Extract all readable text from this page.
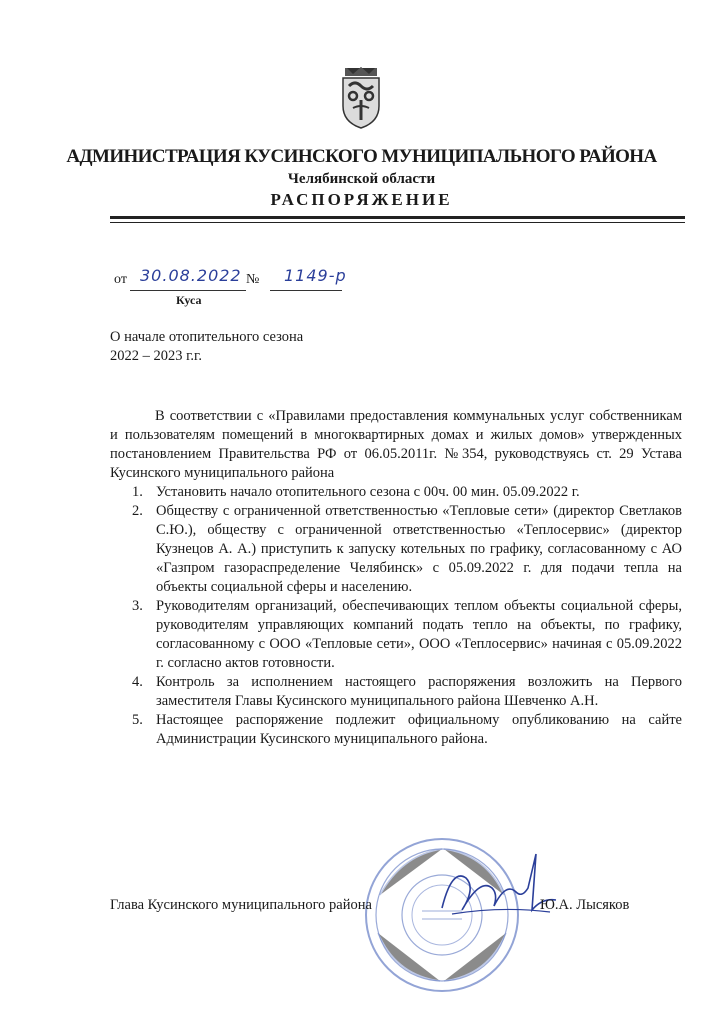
АДМИНИСТРАЦИЯ КУСИНСКОГО МУНИЦИПАЛЬНОГО РАЙОНА
Челябинской области
РАСПОРЯЖЕНИЕ
от 30.08.2022 № 1149-р
Куса
О начале отопительного сезона
2022 – 2023 г.г.

В соответствии с «Правилами предоставления коммунальных услуг собственникам и пользователям помещений в многоквартирных домах и жилых домов» утвержденных постановлением Правительства РФ от 06.05.2011г. №354, руководствуясь ст. 29 Устава Кусинского муниципального района

Установить начало отопительного сезона с 00ч. 00 мин. 05.09.2022 г.
Обществу с ограниченной ответственностью «Тепловые сети» (директор Светлаков С.Ю.), обществу с ограниченной ответственностью «Теплосервис» (директор Кузнецов А. А.) приступить к запуску котельных по графику, согласованному с АО «Газпром газораспределение Челябинск» с 05.09.2022 г. для подачи тепла на объекты социальной сферы и населению.
Руководителям организаций, обеспечивающих теплом объекты социальной сферы, руководителям управляющих компаний подать тепло на объекты, по графику, согласованному с ООО «Тепловые сети», ООО «Теплосервис» начиная с 05.09.2022 г. согласно актов готовности.
Контроль за исполнением настоящего распоряжения возложить на Первого заместителя Главы Кусинского муниципального района Шевченко А.Н.
Настоящее распоряжение подлежит официальному опубликованию на сайте Администрации Кусинского муниципального района.
Глава Кусинского муниципального района	Ю.А. Лысяков
